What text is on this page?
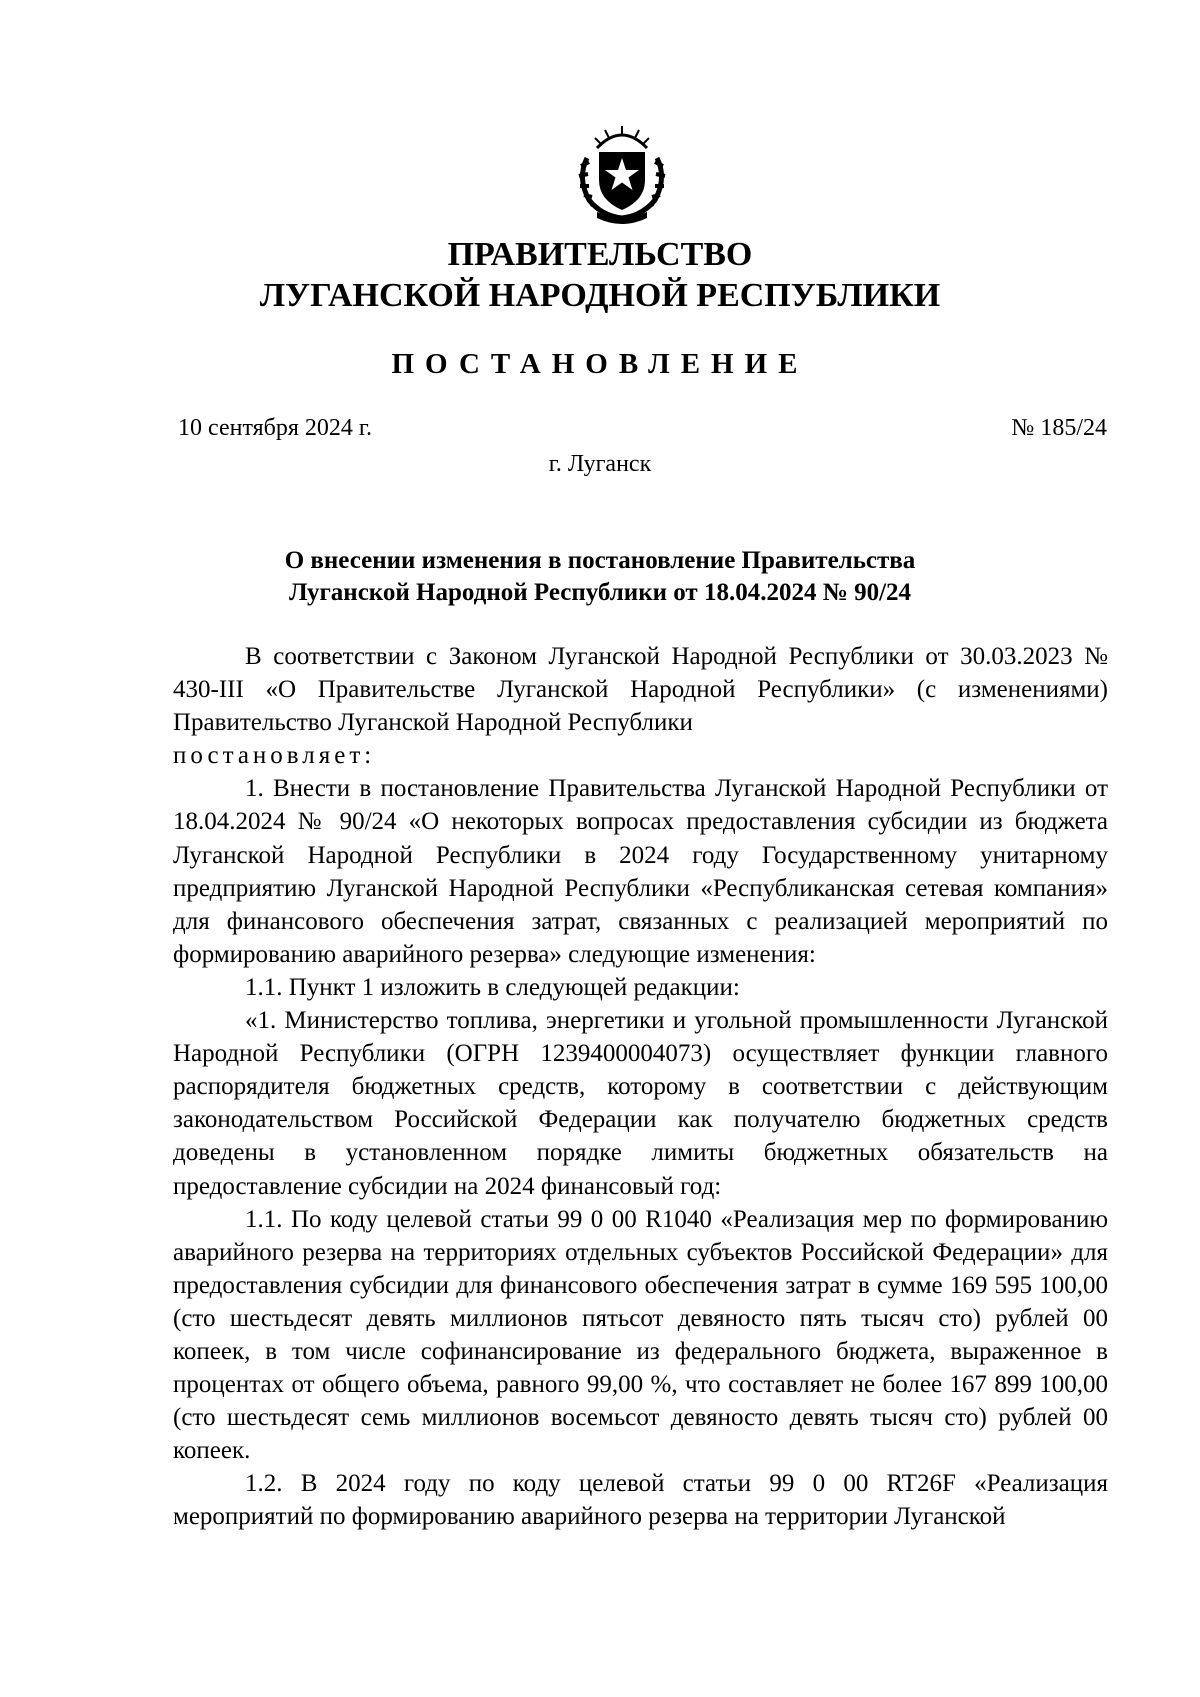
ПРАВИТЕЛЬСТВО
ЛУГАНСКОЙ НАРОДНОЙ РЕСПУБЛИКИ
ПОСТАНОВЛЕНИЕ
10 сентября 2024 г.	№ 185/24
г. Луганск
О внесении изменения в постановление Правительства
Луганской Народной Республики от 18.04.2024 № 90/24

В соответствии с Законом Луганской Народной Республики от 30.03.2023 № 430-III «О Правительстве Луганской Народной Республики» (с изменениями) Правительство Луганской Народной Республики

постановляет:

1. Внести в постановление Правительства Луганской Народной Республики от 18.04.2024 № 90/24 «О некоторых вопросах предоставления субсидии из бюджета Луганской Народной Республики в 2024 году Государственному унитарному предприятию Луганской Народной Республики «Республиканская сетевая компания» для финансового обеспечения затрат, связанных с реализацией мероприятий по формированию аварийного резерва» следующие изменения:

1.1. Пункт 1 изложить в следующей редакции:

«1. Министерство топлива, энергетики и угольной промышленности Луганской Народной Республики (ОГРН 1239400004073) осуществляет функции главного распорядителя бюджетных средств, которому в соответствии с действующим законодательством Российской Федерации как получателю бюджетных средств доведены в установленном порядке лимиты бюджетных обязательств на предоставление субсидии на 2024 финансовый год:

1.1. По коду целевой статьи 99 0 00 R1040 «Реализация мер по формированию аварийного резерва на территориях отдельных субъектов Российской Федерации» для предоставления субсидии для финансового обеспечения затрат в сумме 169 595 100,00 (сто шестьдесят девять миллионов пятьсот девяносто пять тысяч сто) рублей 00 копеек, в том числе софинансирование из федерального бюджета, выраженное в процентах от общего объема, равного 99,00 %, что составляет не более 167 899 100,00 (сто шестьдесят семь миллионов восемьсот девяносто девять тысяч сто) рублей 00 копеек.

1.2. В 2024 году по коду целевой статьи 99 0 00 RT26F «Реализация мероприятий по формированию аварийного резерва на территории Луганской
